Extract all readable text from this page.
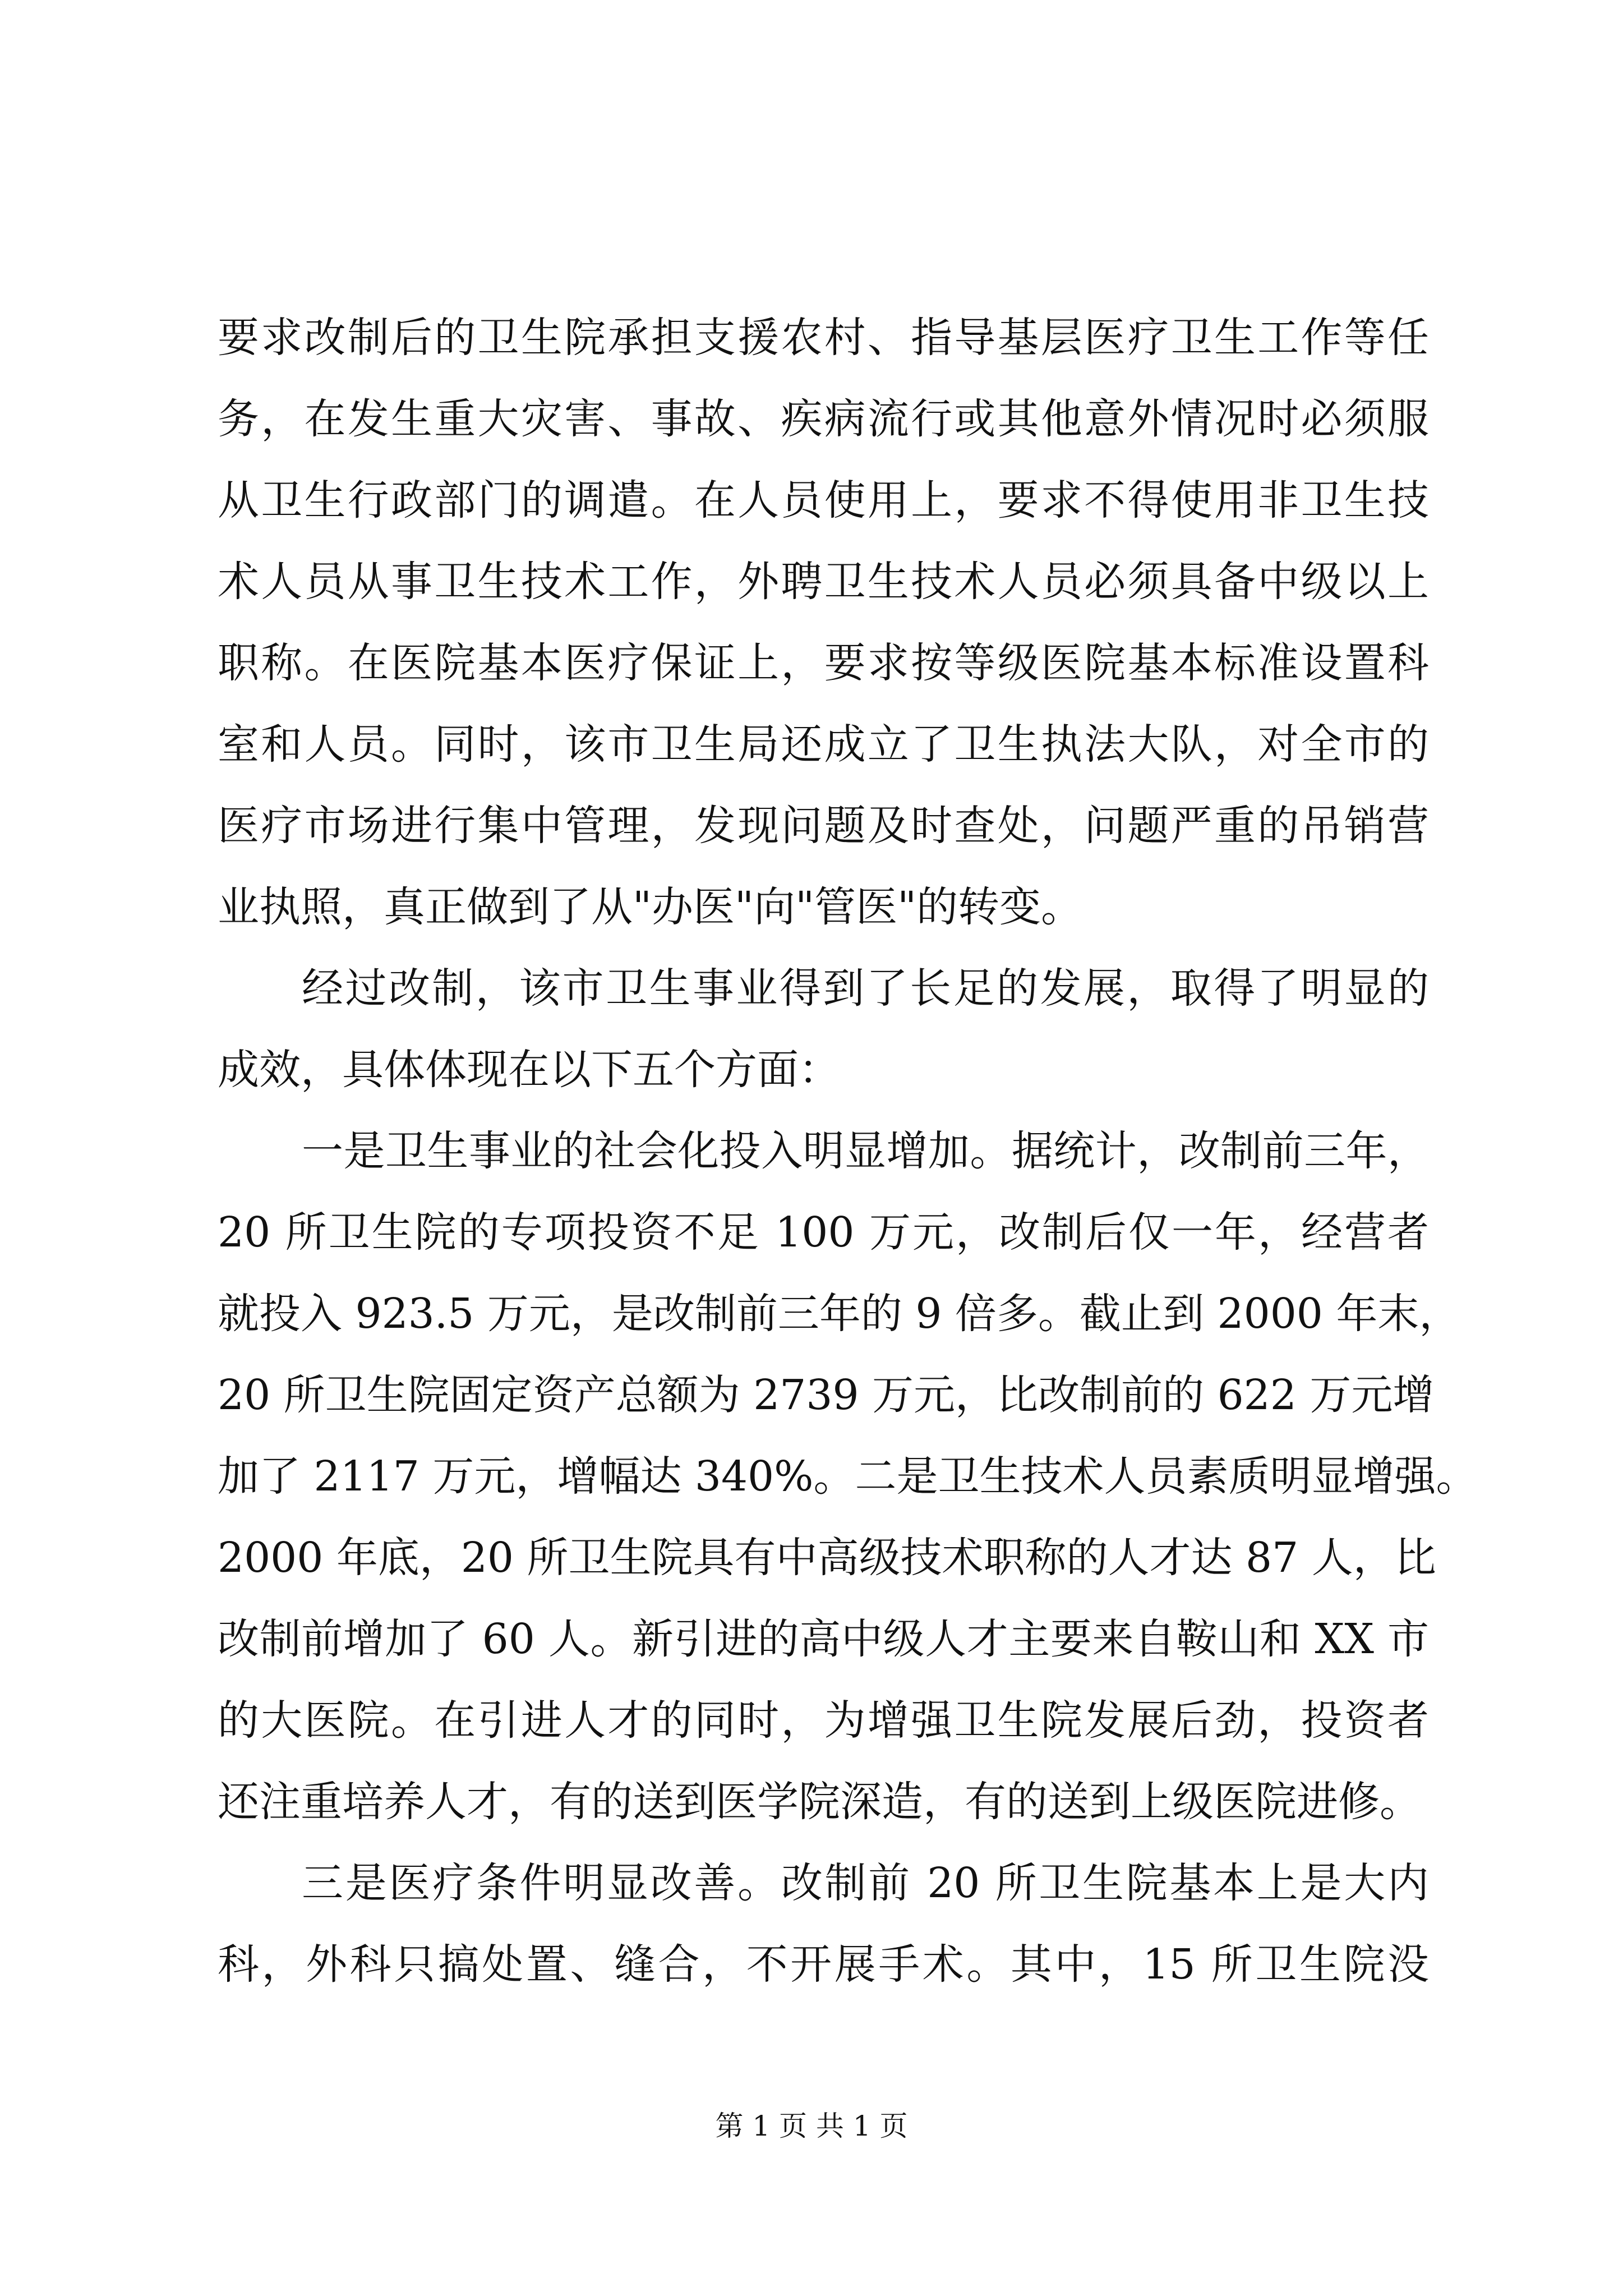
要求改制后的卫生院承担支援农村、指导基层医疗卫生工作等任
务，在发生重大灾害、事故、疾病流行或其他意外情况时必须服
从卫生行政部门的调遣。在人员使用上，要求不得使用非卫生技
术人员从事卫生技术工作，外聘卫生技术人员必须具备中级以上
职称。在医院基本医疗保证上，要求按等级医院基本标准设置科
室和人员。同时，该市卫生局还成立了卫生执法大队，对全市的
医疗市场进行集中管理，发现问题及时查处，问题严重的吊销营
业执照，真正做到了从"办医"向"管医"的转变。
经过改制，该市卫生事业得到了长足的发展，取得了明显的
成效，具体体现在以下五个方面：
一是卫生事业的社会化投入明显增加。据统计，改制前三年，
20 所卫生院的专项投资不足 100 万元，改制后仅一年，经营者
就投入 923.5 万元，是改制前三年的 9 倍多。截止到 2000 年末，
20 所卫生院固定资产总额为 2739 万元，比改制前的 622 万元增
加了 2117 万元，增幅达 340%。二是卫生技术人员素质明显增强。
2000 年底，20 所卫生院具有中高级技术职称的人才达 87 人，比
改制前增加了 60 人。新引进的高中级人才主要来自鞍山和 XX 市
的大医院。在引进人才的同时，为增强卫生院发展后劲，投资者
还注重培养人才，有的送到医学院深造，有的送到上级医院进修。
三是医疗条件明显改善。改制前 20 所卫生院基本上是大内
科，外科只搞处置、缝合，不开展手术。其中，15 所卫生院没
第 1 页 共 1 页
